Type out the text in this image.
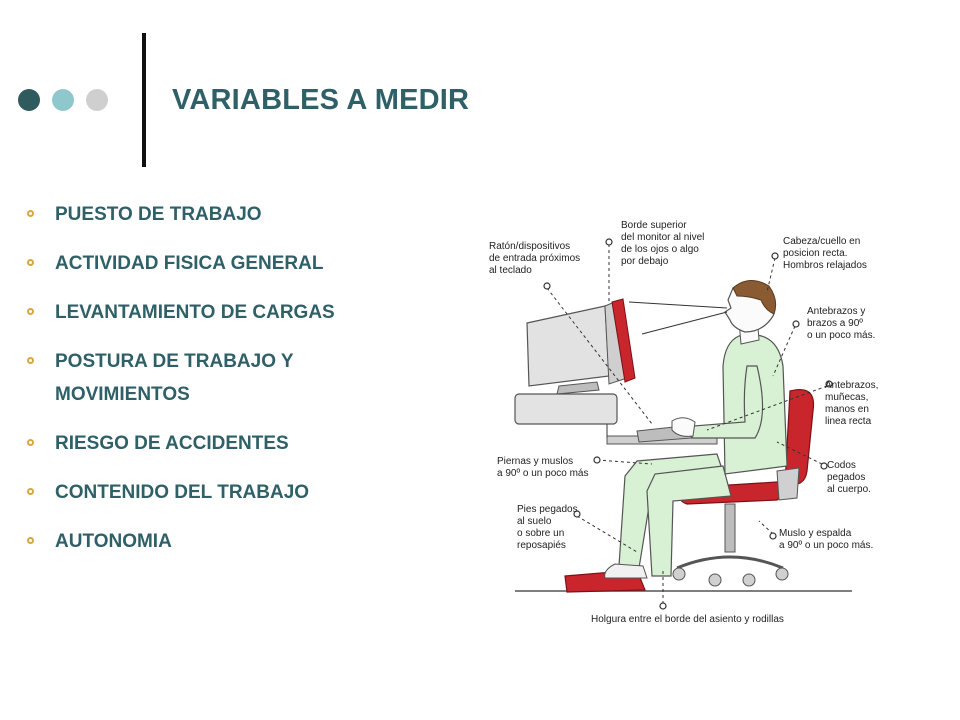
VARIABLES A MEDIR
PUESTO DE TRABAJO
ACTIVIDAD FISICA GENERAL
LEVANTAMIENTO DE CARGAS
POSTURA DE TRABAJO Y MOVIMIENTOS
RIESGO DE ACCIDENTES
CONTENIDO DEL TRABAJO
AUTONOMIA
Ratón/dispositivos de entrada próximos al teclado
Borde superior del monitor al nivel de los ojos o algo por debajo
Cabeza/cuello en posicion recta. Hombros relajados
Antebrazos y brazos a 90º o un poco más.
Antebrazos, muñecas, manos en linea recta
Piernas y muslos a 90º o un poco más
Codos pegados al cuerpo.
Pies pegados al suelo o sobre un reposapiés
Muslo y espalda a 90º o un poco más.
Holgura entre el borde del asiento y rodillas
